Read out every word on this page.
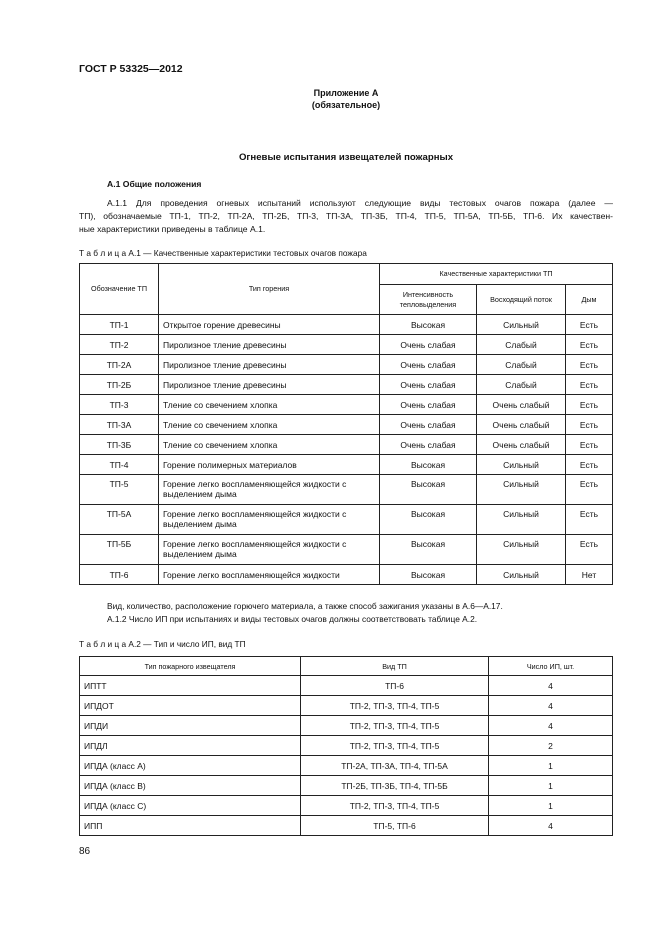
ГОСТ Р 53325—2012
Приложение А
(обязательное)
Огневые испытания извещателей пожарных
А.1 Общие положения
А.1.1 Для проведения огневых испытаний используют следующие виды тестовых очагов пожара (далее —
ТП), обозначаемые ТП-1, ТП-2, ТП-2А, ТП-2Б, ТП-3, ТП-3А, ТП-3Б, ТП-4, ТП-5, ТП-5А, ТП-5Б, ТП-6. Их качествен-
ные характеристики приведены в таблице А.1.
Т а б л и ц а А.1 — Качественные характеристики тестовых очагов пожара
Обозначение ТП	Тип горения	Качественные характеристики ТП		
		Интенсивность тепловыделения	Восходящий поток	Дым
ТП-1	Открытое горение древесины	Высокая	Сильный	Есть
ТП-2	Пиролизное тление древесины	Очень слабая	Слабый	Есть
ТП-2А	Пиролизное тление древесины	Очень слабая	Слабый	Есть
ТП-2Б	Пиролизное тление древесины	Очень слабая	Слабый	Есть
ТП-3	Тление со свечением хлопка	Очень слабая	Очень слабый	Есть
ТП-3А	Тление со свечением хлопка	Очень слабая	Очень слабый	Есть
ТП-3Б	Тление со свечением хлопка	Очень слабая	Очень слабый	Есть
ТП-4	Горение полимерных материалов	Высокая	Сильный	Есть
ТП-5	Горение легко воспламеняющейся жидкости с выделением дыма	Высокая	Сильный	Есть
ТП-5А	Горение легко воспламеняющейся жидкости с выделением дыма	Высокая	Сильный	Есть
ТП-5Б	Горение легко воспламеняющейся жидкости с выделением дыма	Высокая	Сильный	Есть
ТП-6	Горение легко воспламеняющейся жидкости	Высокая	Сильный	Нет
Вид, количество, расположение горючего материала, а также способ зажигания указаны в А.6—А.17.
А.1.2 Число ИП при испытаниях и виды тестовых очагов должны соответствовать таблице А.2.
Т а б л и ц а А.2 — Тип и число ИП, вид ТП
Тип пожарного извещателя	Вид ТП	Число ИП, шт.
ИПТТ	ТП-6	4
ИПДОТ	ТП-2, ТП-3, ТП-4, ТП-5	4
ИПДИ	ТП-2, ТП-3, ТП-4, ТП-5	4
ИПДЛ	ТП-2, ТП-3, ТП-4, ТП-5	2
ИПДА (класс А)	ТП-2А, ТП-3А, ТП-4, ТП-5А	1
ИПДА (класс В)	ТП-2Б, ТП-3Б, ТП-4, ТП-5Б	1
ИПДА (класс С)	ТП-2, ТП-3, ТП-4, ТП-5	1
ИПП	ТП-5, ТП-6	4
86
